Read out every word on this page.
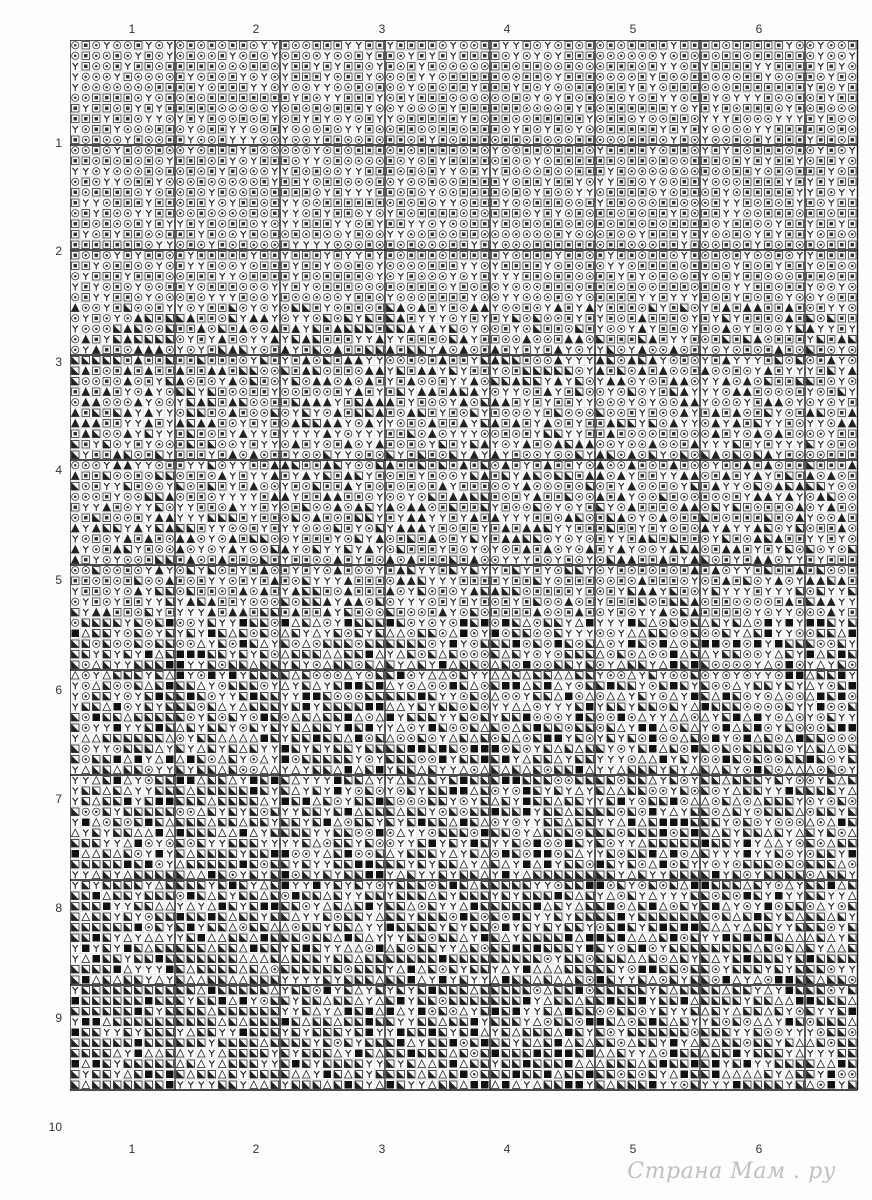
1	2	3	4	5	6
1	2	3	4	5	6
1
2
3
4
5
6
7
8
9
10
Страна Мам . ру
